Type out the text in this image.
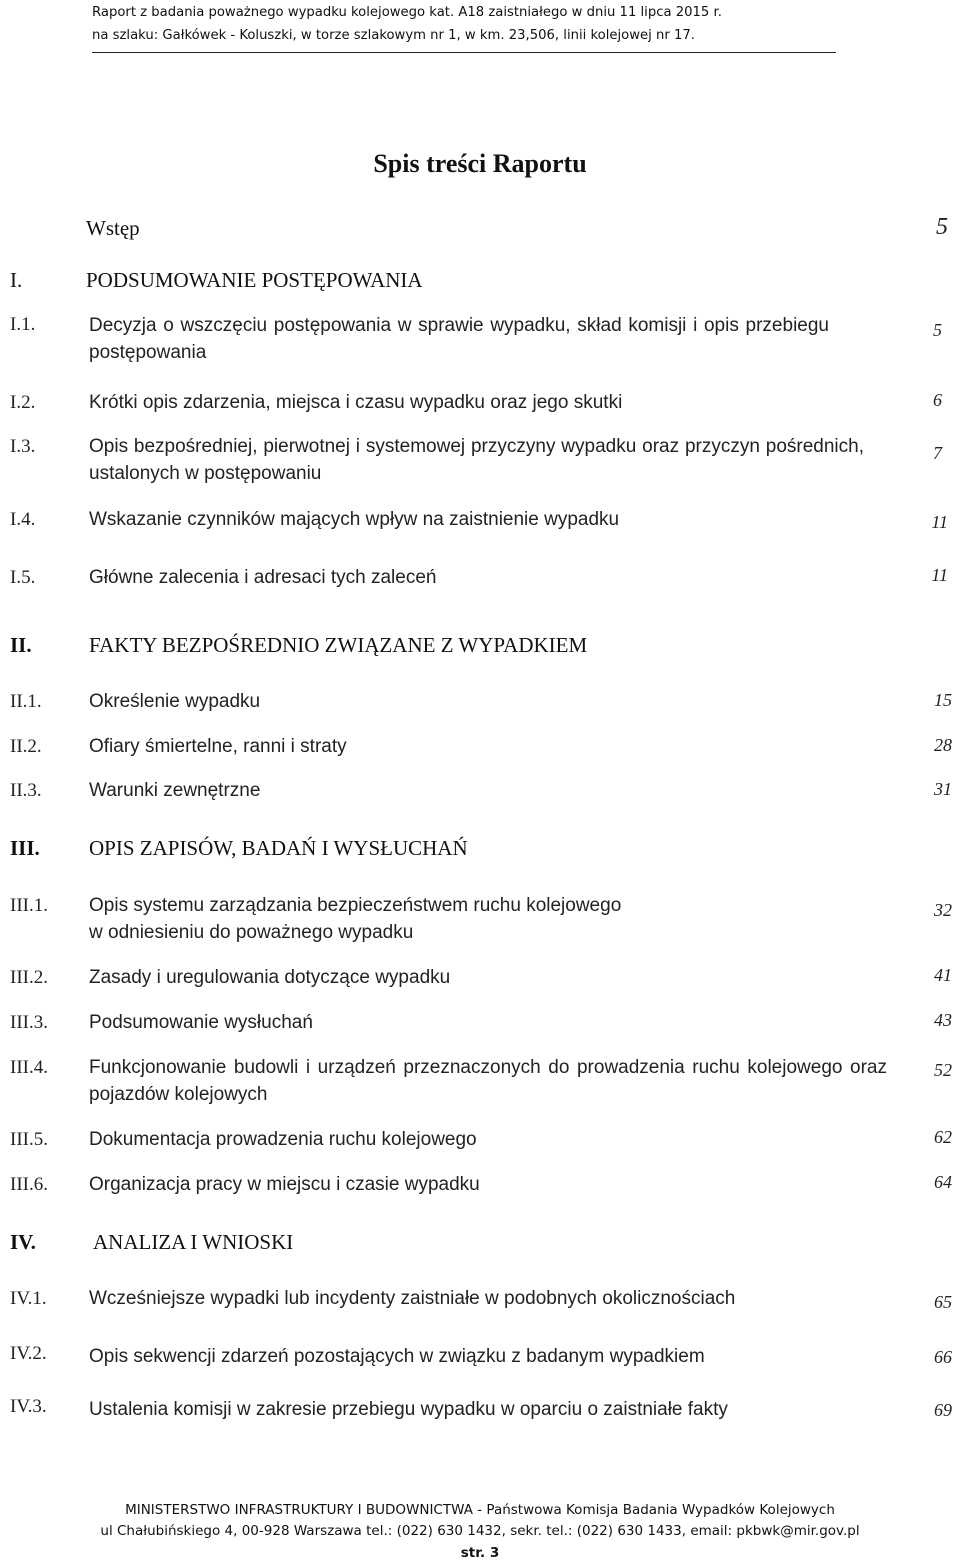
Raport z badania poważnego wypadku kolejowego kat. A18 zaistniałego w dniu 11 lipca 2015 r.
na szlaku: Gałkówek - Koluszki, w torze szlakowym nr 1, w km. 23,506, linii kolejowej nr 17.
Spis treści Raportu
Wstęp	5
I.	PODSUMOWANIE POSTĘPOWANIA
I.1.	Decyzja o wszczęciu postępowania w sprawie wypadku, skład komisji i opis przebiegu postępowania
5
I.2.	Krótki opis zdarzenia, miejsca i czasu wypadku oraz jego skutki	6
I.3.	Opis bezpośredniej, pierwotnej i systemowej przyczyny wypadku oraz przyczyn pośrednich, ustalonych w postępowaniu
7
I.4.	Wskazanie czynników mających wpływ na zaistnienie wypadku	11
I.5.	Główne zalecenia i adresaci tych zaleceń	11
II.	FAKTY BEZPOŚREDNIO ZWIĄZANE Z WYPADKIEM
II.1. Określenie wypadku	15
II.2. Ofiary śmiertelne, ranni i straty	28
II.3. Warunki zewnętrzne	31
III. OPIS ZAPISÓW, BADAŃ I WYSŁUCHAŃ
III.1. Opis systemu zarządzania bezpieczeństwem ruchu kolejowego
w odniesieniu do poważnego wypadku
32
III.2. Zasady i uregulowania dotyczące wypadku	41
III.3. Podsumowanie wysłuchań	43
III.4. Funkcjonowanie budowli i urządzeń przeznaczonych do prowadzenia ruchu kolejowego oraz pojazdów kolejowych
52
III.5. Dokumentacja prowadzenia ruchu kolejowego	62
III.6. Organizacja pracy w miejscu i czasie wypadku	64
IV.	ANALIZA I WNIOSKI
IV.1. Wcześniejsze wypadki lub incydenty zaistniałe w podobnych okolicznościach	65
IV.2. Opis sekwencji zdarzeń pozostających w związku z badanym wypadkiem	66
IV.3. Ustalenia komisji w zakresie przebiegu wypadku w oparciu o zaistniałe fakty	69
MINISTERSTWO INFRASTRUKTURY I BUDOWNICTWA - Państwowa Komisja Badania Wypadków Kolejowych
ul Chałubińskiego 4, 00-928 Warszawa tel.: (022) 630 1432, sekr. tel.: (022) 630 1433, email: pkbwk@mir.gov.pl
str. 3
